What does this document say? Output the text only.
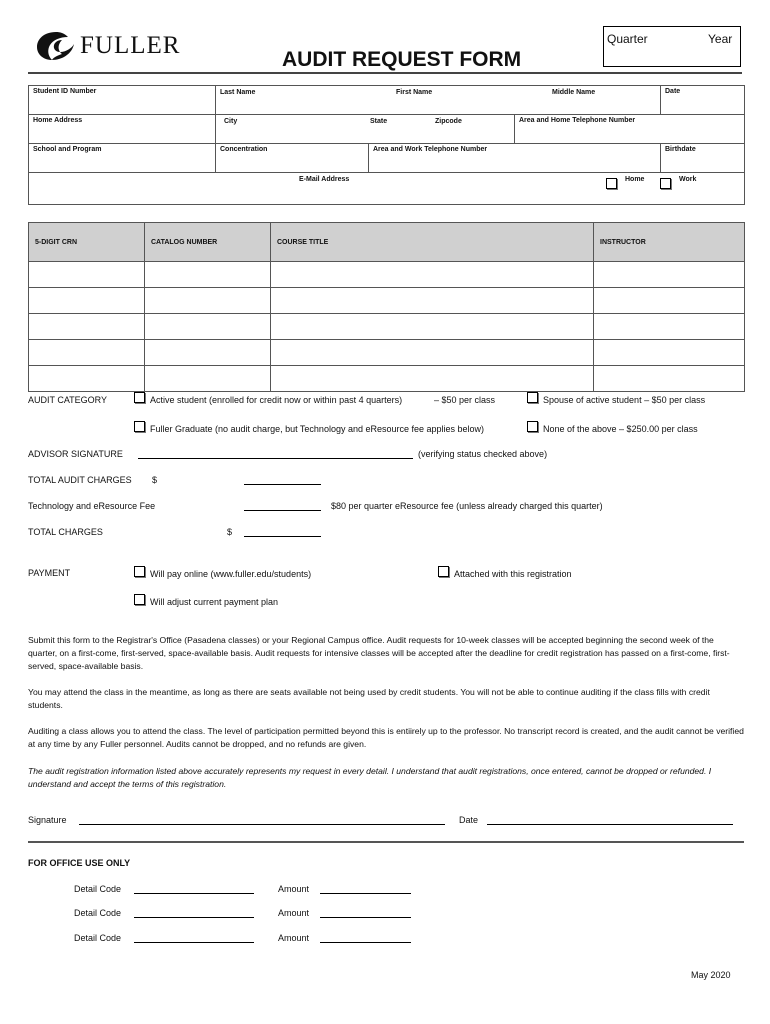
FULLER
AUDIT REQUEST FORM
Quarter	Year
Student ID Number	Last Name First Name Middle Name			Date
Home Address	City State Zipcode		Area and Home Telephone Number	
School and Program	Concentration	Area and Work Telephone Number		Birthdate

E-Mail Address Home Work				
5-DIGIT CRN	CATALOG NUMBER	COURSE TITLE	INSTRUCTOR

AUDIT CATEGORY	Active student (enrolled for credit now or within past 4 quarters)	– $50 per class	Spouse of active student – $50 per class
Fuller Graduate (no audit charge, but Technology and eResource fee applies below)	None of the above – $250.00 per class
ADVISOR SIGNATURE	(verifying status checked above)
TOTAL AUDIT CHARGES $
Technology and eResource Fee	$80 per quarter eResource fee (unless already charged this quarter)
TOTAL CHARGES	$
PAYMENT	Will pay online (www.fuller.edu/students)	Attached with this registration
Will adjust current payment plan
Submit this form to the Registrar's Office (Pasadena classes) or your Regional Campus office. Audit requests for 10-week classes will be accepted beginning the second week of the quarter, on a first-come, first-served, space-available basis. Audit requests for intensive classes will be accepted after the deadline for credit registration has passed on a first-come, first-served, space-available basis.
You may attend the class in the meantime, as long as there are seats available not being used by credit students. You will not be able to continue auditing if the class fills with credit students.
Auditing a class allows you to attend the class. The level of participation permitted beyond this is entiirely up to the professor. No transcript record is created, and the audit cannot be verified at any time by any Fuller personnel. Audits cannot be dropped, and no refunds are given.
The audit registration information listed above accurately represents my request in every detail. I understand that audit registrations, once entered, cannot be dropped or refunded. I understand and accept the terms of this registration.
Signature	Date
FOR OFFICE USE ONLY
Detail Code	Amount
Detail Code	Amount
Detail Code	Amount
May 2020
